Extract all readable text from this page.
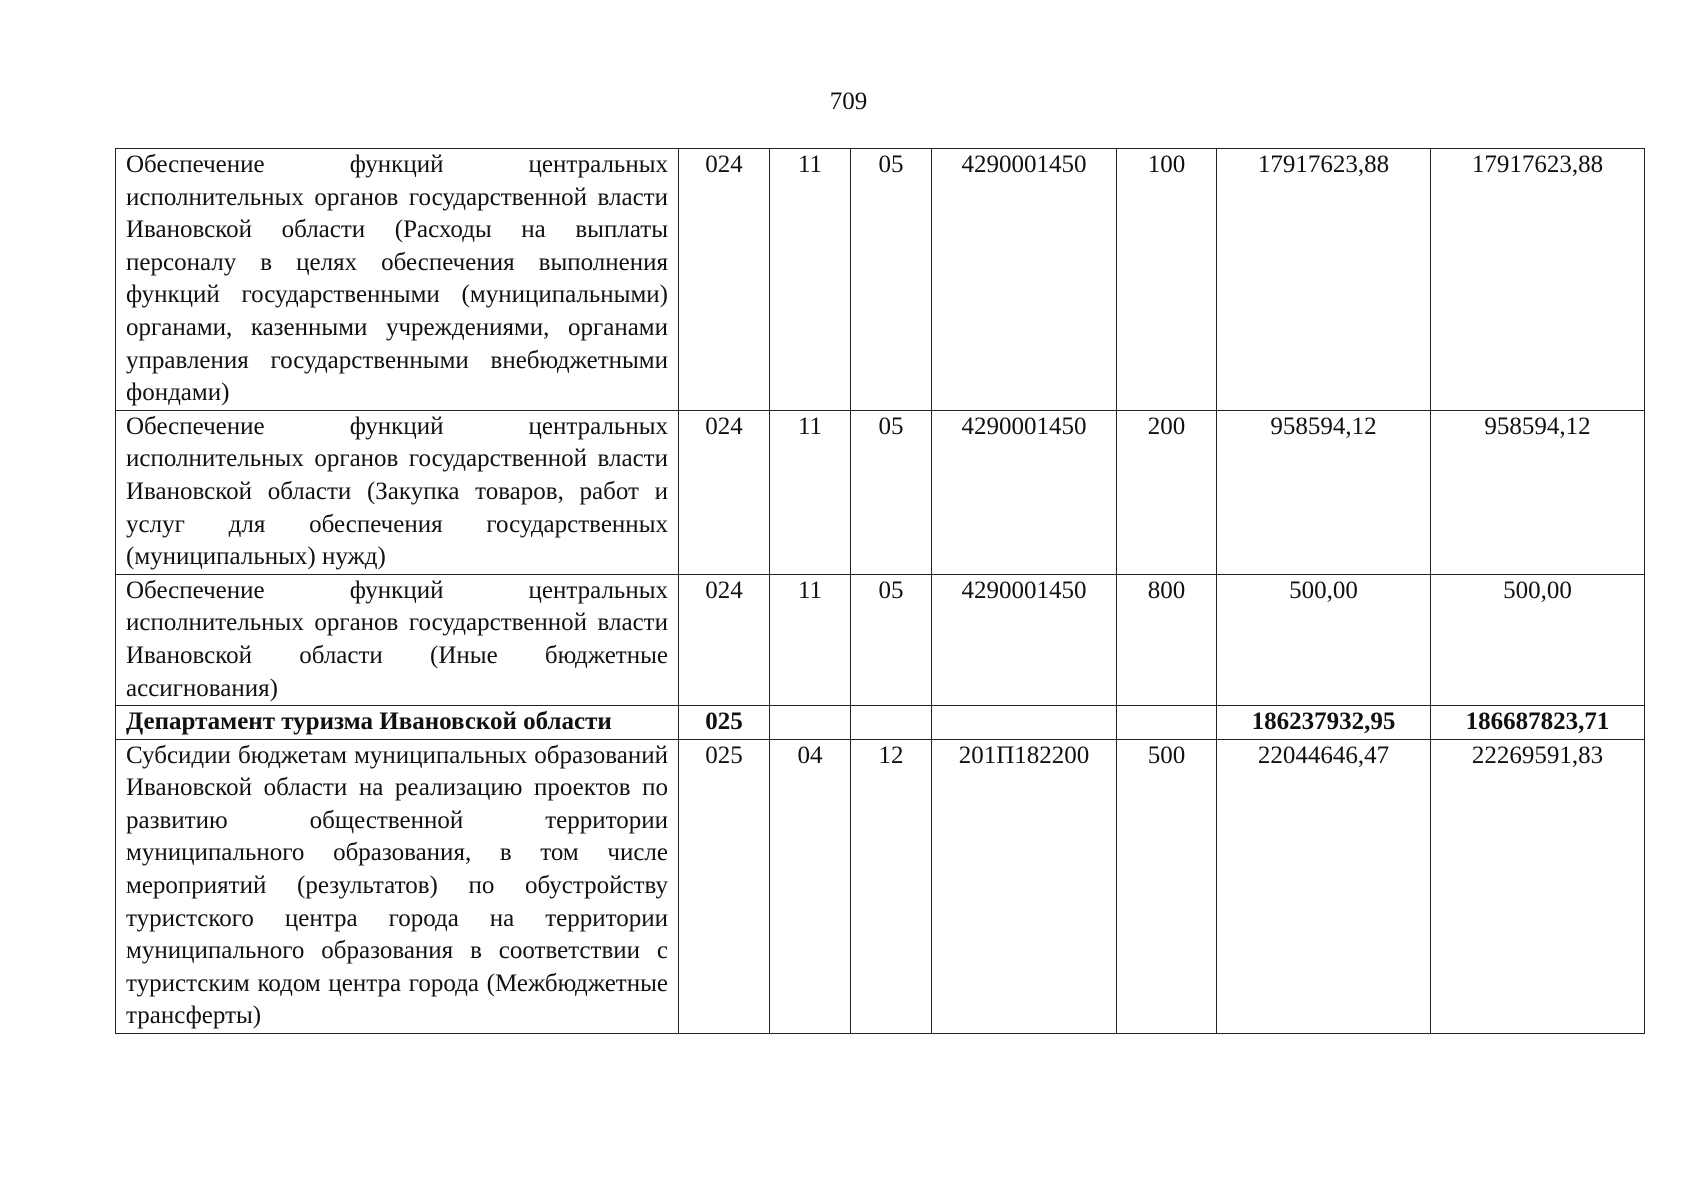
709
Обеспечение функций центральных исполнительных органов государственной власти Ивановской области (Расходы на выплаты персоналу в целях обеспечения выполнения функций государственными (муниципальными) органами, казенными учреждениями, органами управления государственными внебюджетными фондами)	024	11	05	4290001450	100	17917623,88	17917623,88
Обеспечение функций центральных исполнительных органов государственной власти Ивановской области (Закупка товаров, работ и услуг для обеспечения государственных (муниципальных) нужд)	024	11	05	4290001450	200	958594,12	958594,12
Обеспечение функций центральных исполнительных органов государственной власти Ивановской области (Иные бюджетные ассигнования)	024	11	05	4290001450	800	500,00	500,00
Департамент туризма Ивановской области	025					186237932,95	186687823,71
Субсидии бюджетам муниципальных образований Ивановской области на реализацию проектов по развитию общественной территории муниципального образования, в том числе мероприятий (результатов) по обустройству туристского центра города на территории муниципального образования в соответствии с туристским кодом центра города (Межбюджетные трансферты)	025	04	12	201П182200	500	22044646,47	22269591,83
